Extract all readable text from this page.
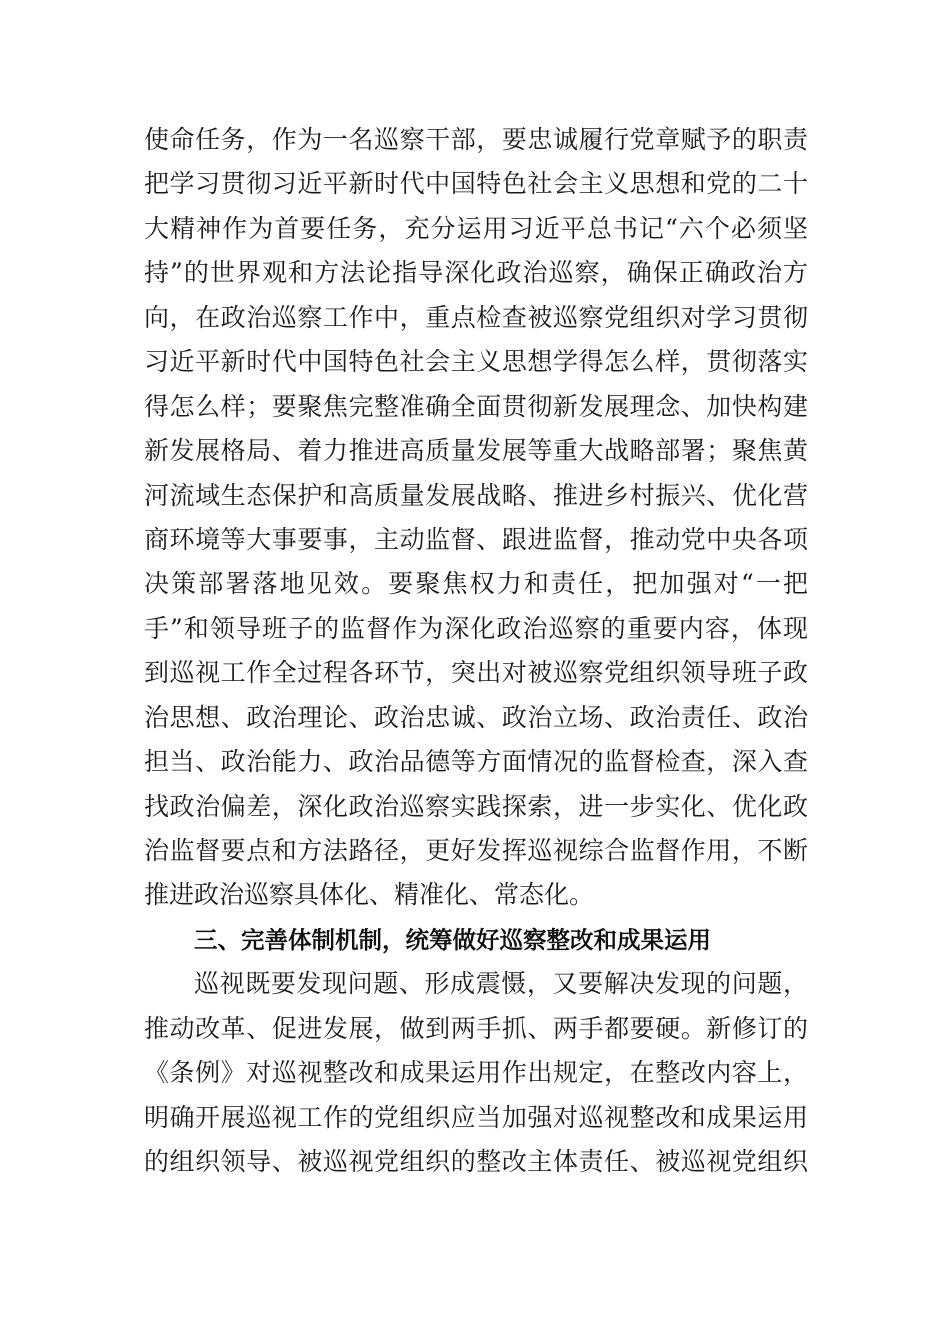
使命任务，作为一名巡察干部，要忠诚履行党章赋予的职责
把学习贯彻习近平新时代中国特色社会主义思想和党的二十
大精神作为首要任务，充分运用习近平总书记“六个必须坚
持”的世界观和方法论指导深化政治巡察，确保正确政治方
向，在政治巡察工作中，重点检查被巡察党组织对学习贯彻
习近平新时代中国特色社会主义思想学得怎么样，贯彻落实
得怎么样；要聚焦完整准确全面贯彻新发展理念、加快构建
新发展格局、着力推进高质量发展等重大战略部署；聚焦黄
河流域生态保护和高质量发展战略、推进乡村振兴、优化营
商环境等大事要事，主动监督、跟进监督，推动党中央各项
决策部署落地见效。要聚焦权力和责任，把加强对“一把
手”和领导班子的监督作为深化政治巡察的重要内容，体现
到巡视工作全过程各环节，突出对被巡察党组织领导班子政
治思想、政治理论、政治忠诚、政治立场、政治责任、政治
担当、政治能力、政治品德等方面情况的监督检查，深入查
找政治偏差，深化政治巡察实践探索，进一步实化、优化政
治监督要点和方法路径，更好发挥巡视综合监督作用，不断
推进政治巡察具体化、精准化、常态化。
三、完善体制机制，统筹做好巡察整改和成果运用
巡视既要发现问题、形成震慑，又要解决发现的问题，
推动改革、促进发展，做到两手抓、两手都要硬。新修订的
《条例》对巡视整改和成果运用作出规定，在整改内容上，
明确开展巡视工作的党组织应当加强对巡视整改和成果运用
的组织领导、被巡视党组织的整改主体责任、被巡视党组织
